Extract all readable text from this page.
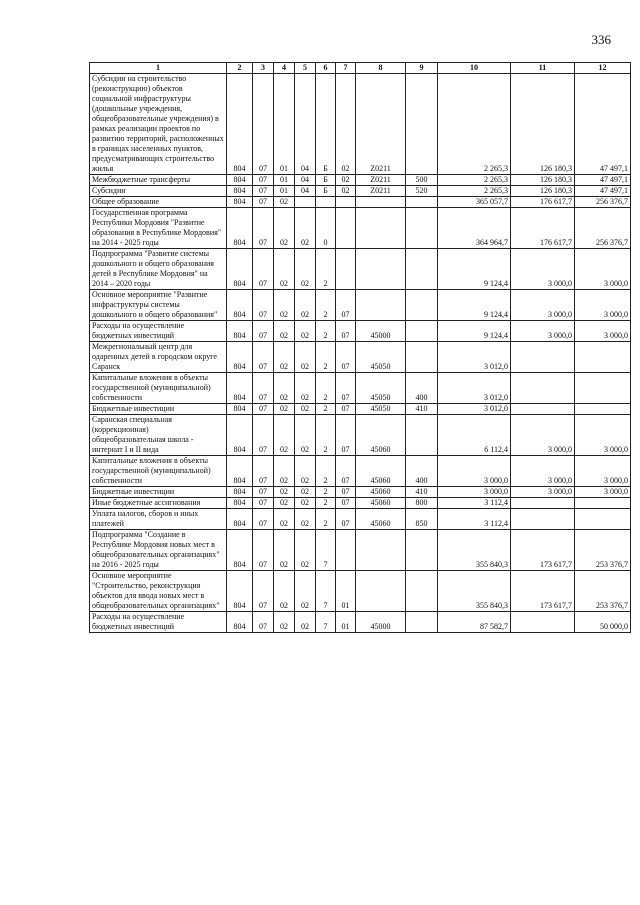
336
1	2	3	4	5	6	7	8	9	10	11	12
Субсидии на строительство (реконструкцию) объектов социальной инфраструктуры (дошкольные учреждения, общеобразовательные учреждения) в рамках реализации проектов по развитию территорий, расположенных в границах населенных пунктов, предусматривающих строительство жилья	804	07	01	04	Б	02	Z0211		2 265,3	126 180,3	47 497,1
Межбюджетные трансферты	804	07	01	04	Б	02	Z0211	500	2 265,3	126 180,3	47 497,1
Субсидии	804	07	01	04	Б	02	Z0211	520	2 265,3	126 180,3	47 497,1
Общее образование	804	07	02						365 057,7	176 617,7	256 376,7
Государственная программа Республики Мордовия "Развитие образования в Республике Мордовия" на 2014 - 2025 годы	804	07	02	02	0				364 964,7	176 617,7	256 376,7
Подпрограмма "Развитие системы дошкольного и общего образования детей в Республике Мордовия" на 2014 – 2020 годы	804	07	02	02	2				9 124,4	3 000,0	3 000,0
Основное мероприятие "Развитие инфраструктуры системы дошкольного и общего образования"	804	07	02	02	2	07			9 124,4	3 000,0	3 000,0
Расходы на осуществление бюджетных инвестиций	804	07	02	02	2	07	45000		9 124,4	3 000,0	3 000,0
Межрегиональный центр для одаренных детей в городском округе Саранск	804	07	02	02	2	07	45050		3 012,0		
Капитальные вложения в объекты государственной (муниципальной) собственности	804	07	02	02	2	07	45050	400	3 012,0		
Бюджетные инвестиции	804	07	02	02	2	07	45050	410	3 012,0		
Саранская специальная (коррекционная) общеобразовательная школа - интернат I и II вида	804	07	02	02	2	07	45060		6 112,4	3 000,0	3 000,0
Капитальные вложения в объекты государственной (муниципальной) собственности	804	07	02	02	2	07	45060	400	3 000,0	3 000,0	3 000,0
Бюджетные инвестиции	804	07	02	02	2	07	45060	410	3 000,0	3 000,0	3 000,0
Иные бюджетные ассигнования	804	07	02	02	2	07	45060	800	3 112,4		
Уплата налогов, сборов и иных платежей	804	07	02	02	2	07	45060	850	3 112,4		
Подпрограмма "Создание в Республике Мордовия новых мест в общеобразовательных организациях" на 2016 - 2025 годы	804	07	02	02	7				355 840,3	173 617,7	253 376,7
Основное мероприятие "Строительство, реконструкция объектов для ввода новых мест в общеобразовательных организациях"	804	07	02	02	7	01			355 840,3	173 617,7	253 376,7
Расходы на осуществление бюджетных инвестиций	804	07	02	02	7	01	45000		87 582,7		50 000,0
